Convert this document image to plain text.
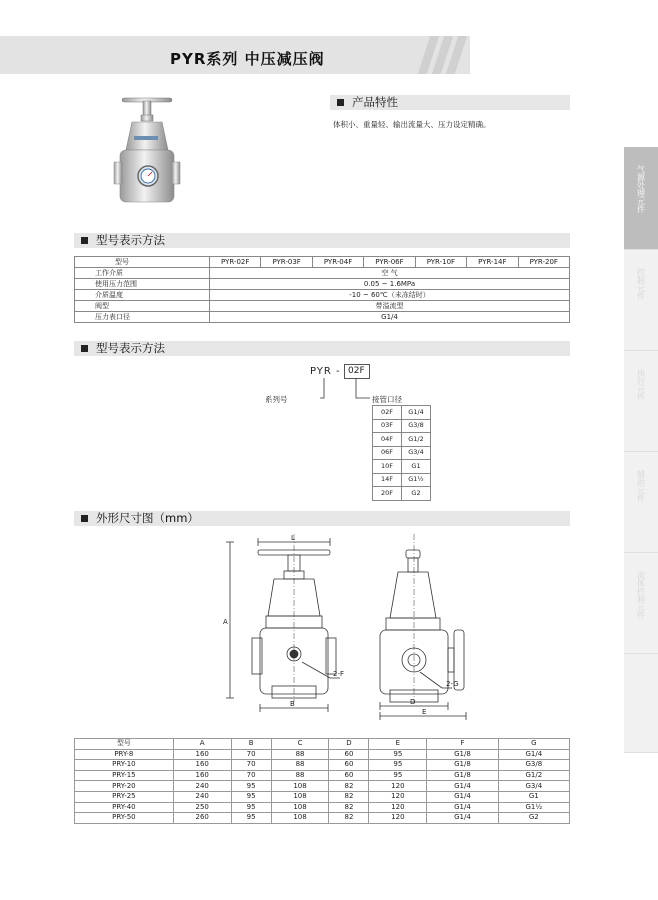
PYR系列 中压减压阀
气源处理元件
控制元件
执行元件
辅助元件
流体控制元件
产品特性
体积小、重量轻、输出流量大、压力设定精确。
型号表示方法
型号	PYR-02F	PYR-03F	PYR-04F	PYR-06F	PYR-10F	PYR-14F	PYR-20F
工作介质	空 气						
使用压力范围	0.05 ~ 1.6MPa						
介质温度	-10 ~ 60℃（未冻结时）						
阀型	带溢流型						
压力表口径	G1/4						
型号表示方法
PYR - 02F
系列号	接管口径
02F	G1/4
03F	G3/8
04F	G1/2
06F	G3/4
10F	G1
14F	G1½
20F	G2
外形尺寸图（mm）
L
A
B
2-F
2-G
D
E
型号	A	B	C	D	E	F	G
PRY-8	160	70	88	60	95	G1/8	G1/4
PRY-10	160	70	88	60	95	G1/8	G3/8
PRY-15	160	70	88	60	95	G1/8	G1/2
PRY-20	240	95	108	82	120	G1/4	G3/4
PRY-25	240	95	108	82	120	G1/4	G1
PRY-40	250	95	108	82	120	G1/4	G1½
PRY-50	260	95	108	82	120	G1/4	G2
